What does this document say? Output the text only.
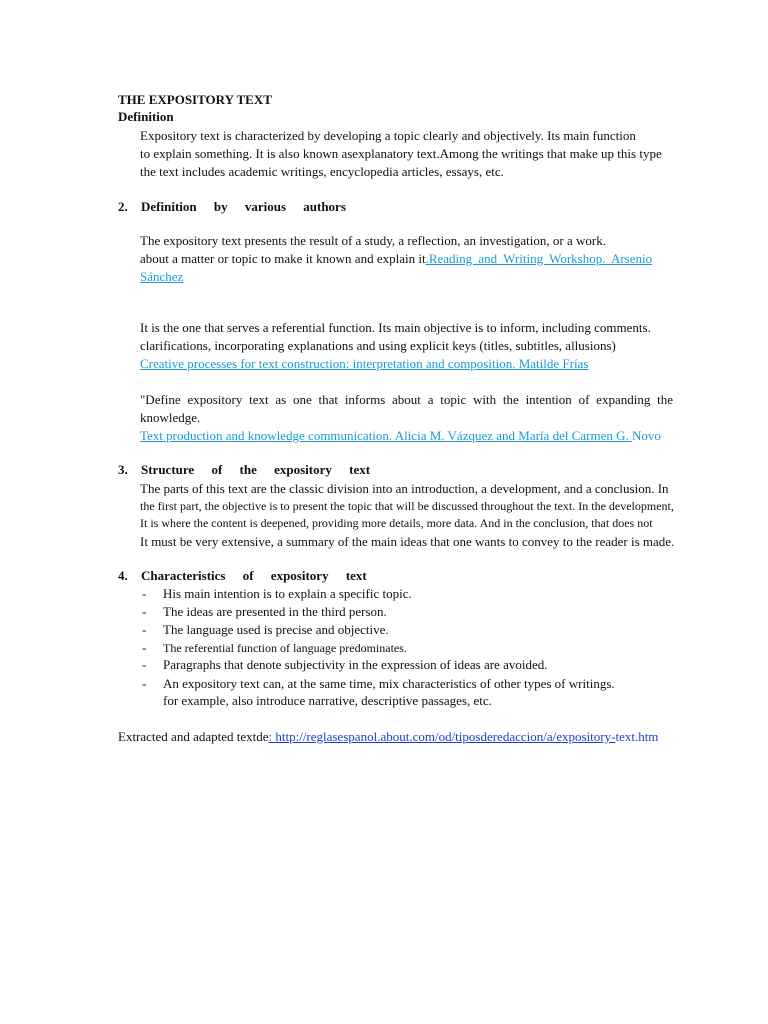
THE EXPOSITORY TEXT
Definition
Expository text is characterized by developing a topic clearly and objectively. Its main function
to explain something. It is also known asexplanatory text.Among the writings that make up this type
the text includes academic writings, encyclopedia articles, essays, etc.
2. Definition by various authors
The expository text presents the result of a study, a reflection, an investigation, or a work.
about a matter or topic to make it known and explain it.Reading and Writing Workshop. Arsenio
Sánchez
It is the one that serves a referential function. Its main objective is to inform, including comments.
clarifications, incorporating explanations and using explicit keys (titles, subtitles, allusions)
Creative processes for text construction: interpretation and composition. Matilde Frías
"Define expository text as one that informs about a topic with the intention of expanding the
knowledge.
Text production and knowledge communication. Alicia M. Vázquez and María del Carmen G. Novo
3. Structure of the expository text
The parts of this text are the classic division into an introduction, a development, and a conclusion. In
the first part, the objective is to present the topic that will be discussed throughout the text. In the development,
It is where the content is deepened, providing more details, more data. And in the conclusion, that does not
It must be very extensive, a summary of the main ideas that one wants to convey to the reader is made.
4. Characteristics of expository text
- His main intention is to explain a specific topic.
- The ideas are presented in the third person.
- The language used is precise and objective.
- The referential function of language predominates.
- Paragraphs that denote subjectivity in the expression of ideas are avoided.
- An expository text can, at the same time, mix characteristics of other types of writings.
for example, also introduce narrative, descriptive passages, etc.
Extracted and adapted textde: http://reglasespanol.about.com/od/tiposderedaccion/a/expository-text.htm
